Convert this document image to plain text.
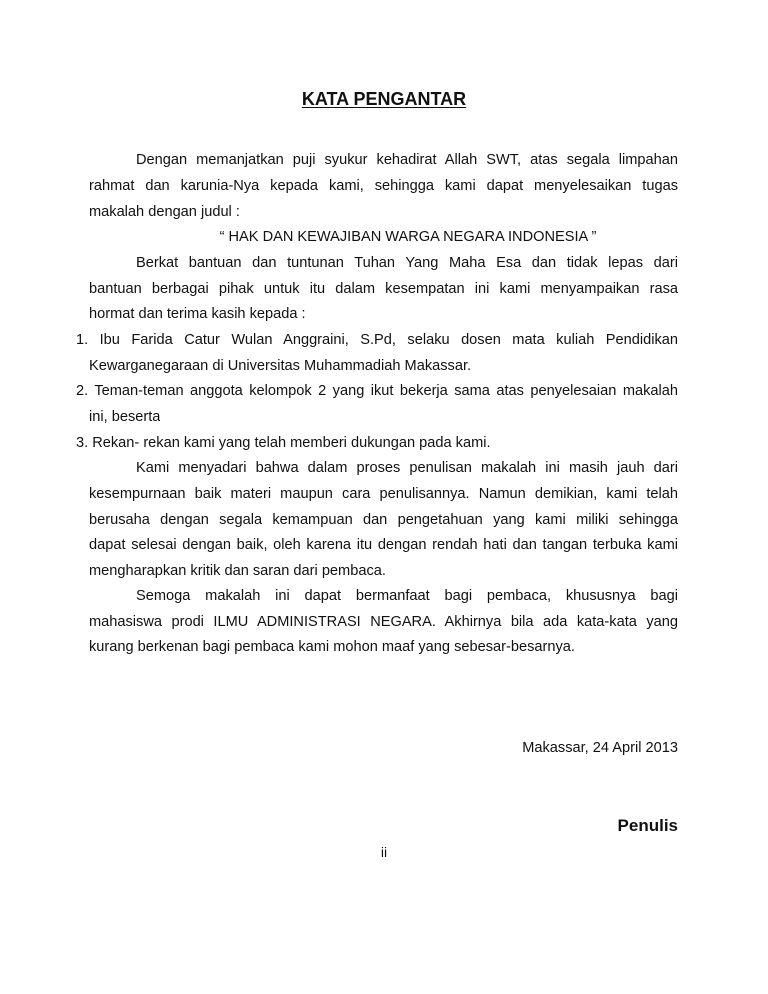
KATA PENGANTAR
Dengan memanjatkan puji syukur kehadirat Allah SWT, atas segala limpahan
rahmat dan karunia-Nya kepada kami, sehingga kami dapat menyelesaikan tugas
makalah dengan judul :
“ HAK DAN KEWAJIBAN WARGA NEGARA INDONESIA ”
Berkat bantuan dan tuntunan Tuhan Yang Maha Esa dan tidak lepas dari
bantuan berbagai pihak untuk itu dalam kesempatan ini kami menyampaikan rasa
hormat dan terima kasih kepada :
1. Ibu Farida Catur Wulan Anggraini, S.Pd, selaku dosen mata kuliah Pendidikan
Kewarganegaraan di Universitas Muhammadiah Makassar.
2. Teman-teman anggota kelompok 2 yang ikut bekerja sama atas penyelesaian makalah
ini, beserta
3. Rekan- rekan kami yang telah memberi dukungan pada kami.
Kami menyadari bahwa dalam proses penulisan makalah ini masih jauh dari
kesempurnaan baik materi maupun cara penulisannya. Namun demikian, kami telah
berusaha dengan segala kemampuan dan pengetahuan yang kami miliki sehingga
dapat selesai dengan baik, oleh karena itu dengan rendah hati dan tangan terbuka kami
mengharapkan kritik dan saran dari pembaca.
Semoga makalah ini dapat bermanfaat bagi pembaca, khususnya bagi
mahasiswa prodi ILMU ADMINISTRASI NEGARA. Akhirnya bila ada kata-kata yang
kurang berkenan bagi pembaca kami mohon maaf yang sebesar-besarnya.
Makassar, 24 April 2013
Penulis
ii
